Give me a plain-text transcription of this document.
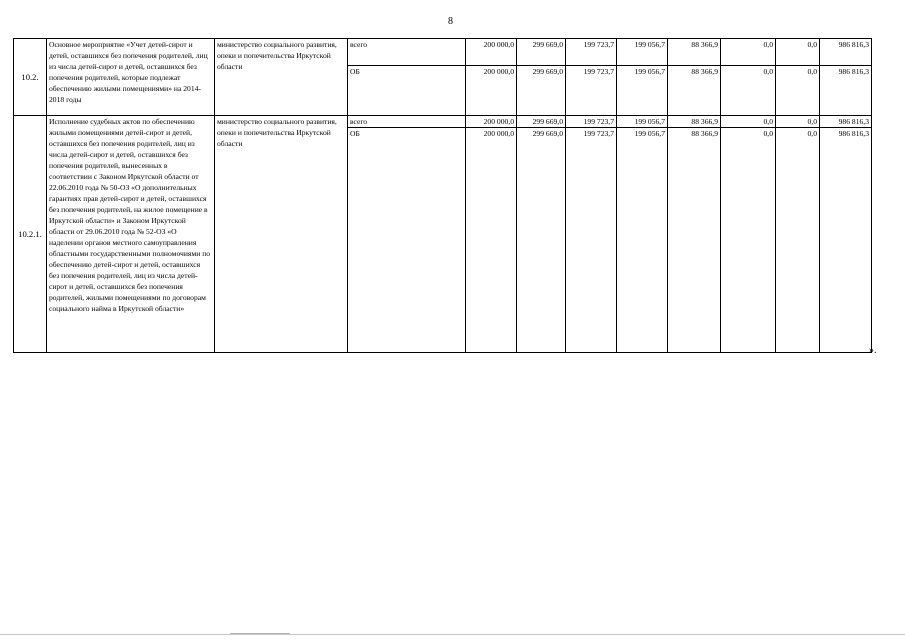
8
10.2.	Основное мероприятие «Учет детей-сирот и детей, оставшихся без попечения родителей, лиц из числа детей-сирот и детей, оставшихся без попечения родителей, которые подлежат обеспечению жилыми помещениями» на 2014-2018 годы	министерство социального развития, опеки и попечительства Иркутской области	всего	200 000,0	299 669,0	199 723,7	199 056,7	88 366,9	0,0	0,0	986 816,3
			ОБ	200 000,0	299 669,0	199 723,7	199 056,7	88 366,9	0,0	0,0	986 816,3
10.2.1.	Исполнение судебных актов по обеспечению жилыми помещениями детей-сирот и детей, оставшихся без попечения родителей, лиц из числа детей-сирот и детей, оставшихся без попечения родителей, вынесенных в соответствии с Законом Иркутской области от 22.06.2010 года № 50-ОЗ «О дополнительных гарантиях прав детей-сирот и детей, оставшихся без попечения родителей, на жилое помещение в Иркутской области» и Законом Иркутской области от 29.06.2010 года № 52-ОЗ «О наделении органов местного самоуправления областными государственными полномочиями по обеспечению детей-сирот и детей, оставшихся без попечения родителей, лиц из числа детей-сирот и детей, оставшихся без попечения родителей, жилыми помещениями по договорам социального найма в Иркутской области»	министерство социального развития, опеки и попечительства Иркутской области	всего	200 000,0	299 669,0	199 723,7	199 056,7	88 366,9	0,0	0,0	986 816,3
			ОБ	200 000,0	299 669,0	199 723,7	199 056,7	88 366,9	0,0	0,0	986 816,3
».
